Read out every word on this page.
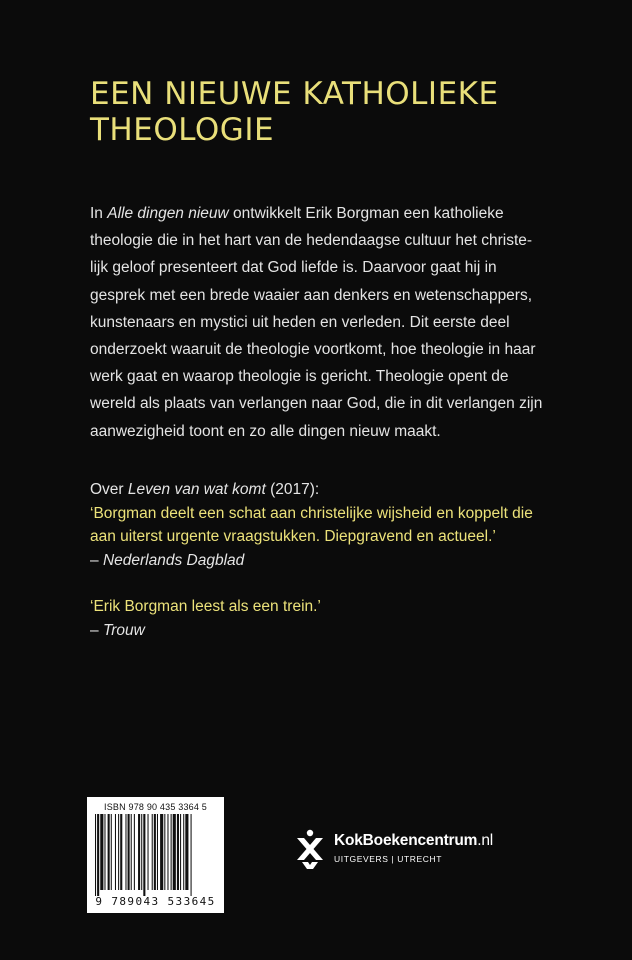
EEN NIEUWE KATHOLIEKE
THEOLOGIE
In Alle dingen nieuw ontwikkelt Erik Borgman een katholieke
theologie die in het hart van de hedendaagse cultuur het christe-
lijk geloof presenteert dat God liefde is. Daarvoor gaat hij in
gesprek met een brede waaier aan denkers en wetenschappers,
kunstenaars en mystici uit heden en verleden. Dit eerste deel
onderzoekt waaruit de theologie voortkomt, hoe theologie in haar
werk gaat en waarop theologie is gericht. Theologie opent de
wereld als plaats van verlangen naar God, die in dit verlangen zijn
aanwezigheid toont en zo alle dingen nieuw maakt.
Over Leven van wat komt (2017):
‘Borgman deelt een schat aan christelijke wijsheid en koppelt die
aan uiterst urgente vraagstukken. Diepgravend en actueel.’
– Nederlands Dagblad
‘Erik Borgman leest als een trein.’
– Trouw
ISBN 978 90 435 3364 5
9 789043 533645
KokBoekencentrum.nl
UITGEVERS | UTRECHT
